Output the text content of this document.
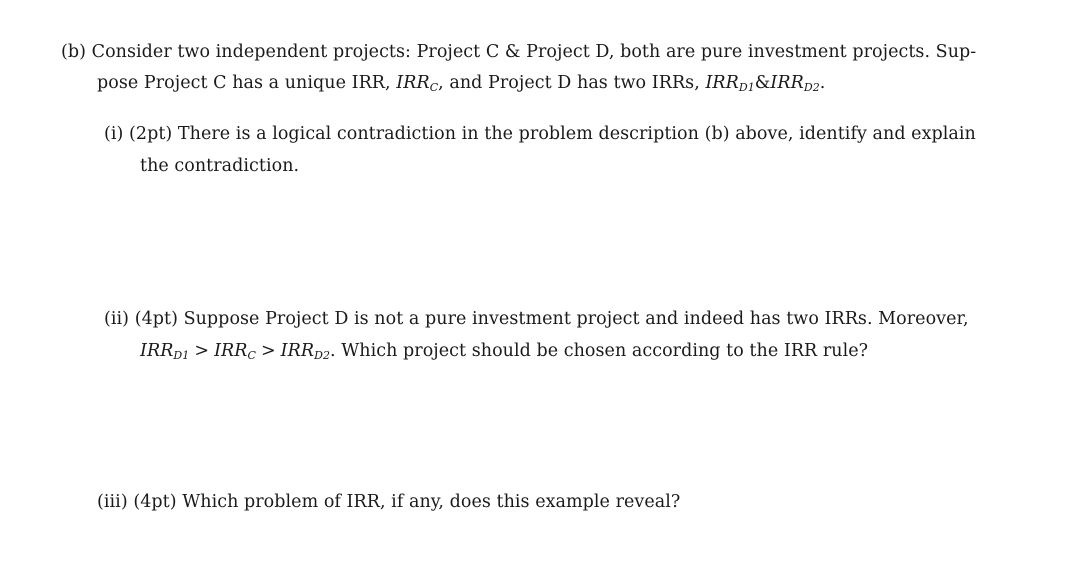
(b) Consider two independent projects: Project C & Project D, both are pure investment projects. Sup-
pose Project C has a unique IRR, $IRR_C$, and Project D has two IRRs, $IRR_{D1}\&IRR_{D2}$.
(i) (2pt) There is a logical contradiction in the problem description (b) above, identify and explain
the contradiction.
(ii) (4pt) Suppose Project D is not a pure investment project and indeed has two IRRs. Moreover,
$IRR_{D1} > IRR_C > IRR_{D2}$. Which project should be chosen according to the IRR rule?
(iii) (4pt) Which problem of IRR, if any, does this example reveal?
